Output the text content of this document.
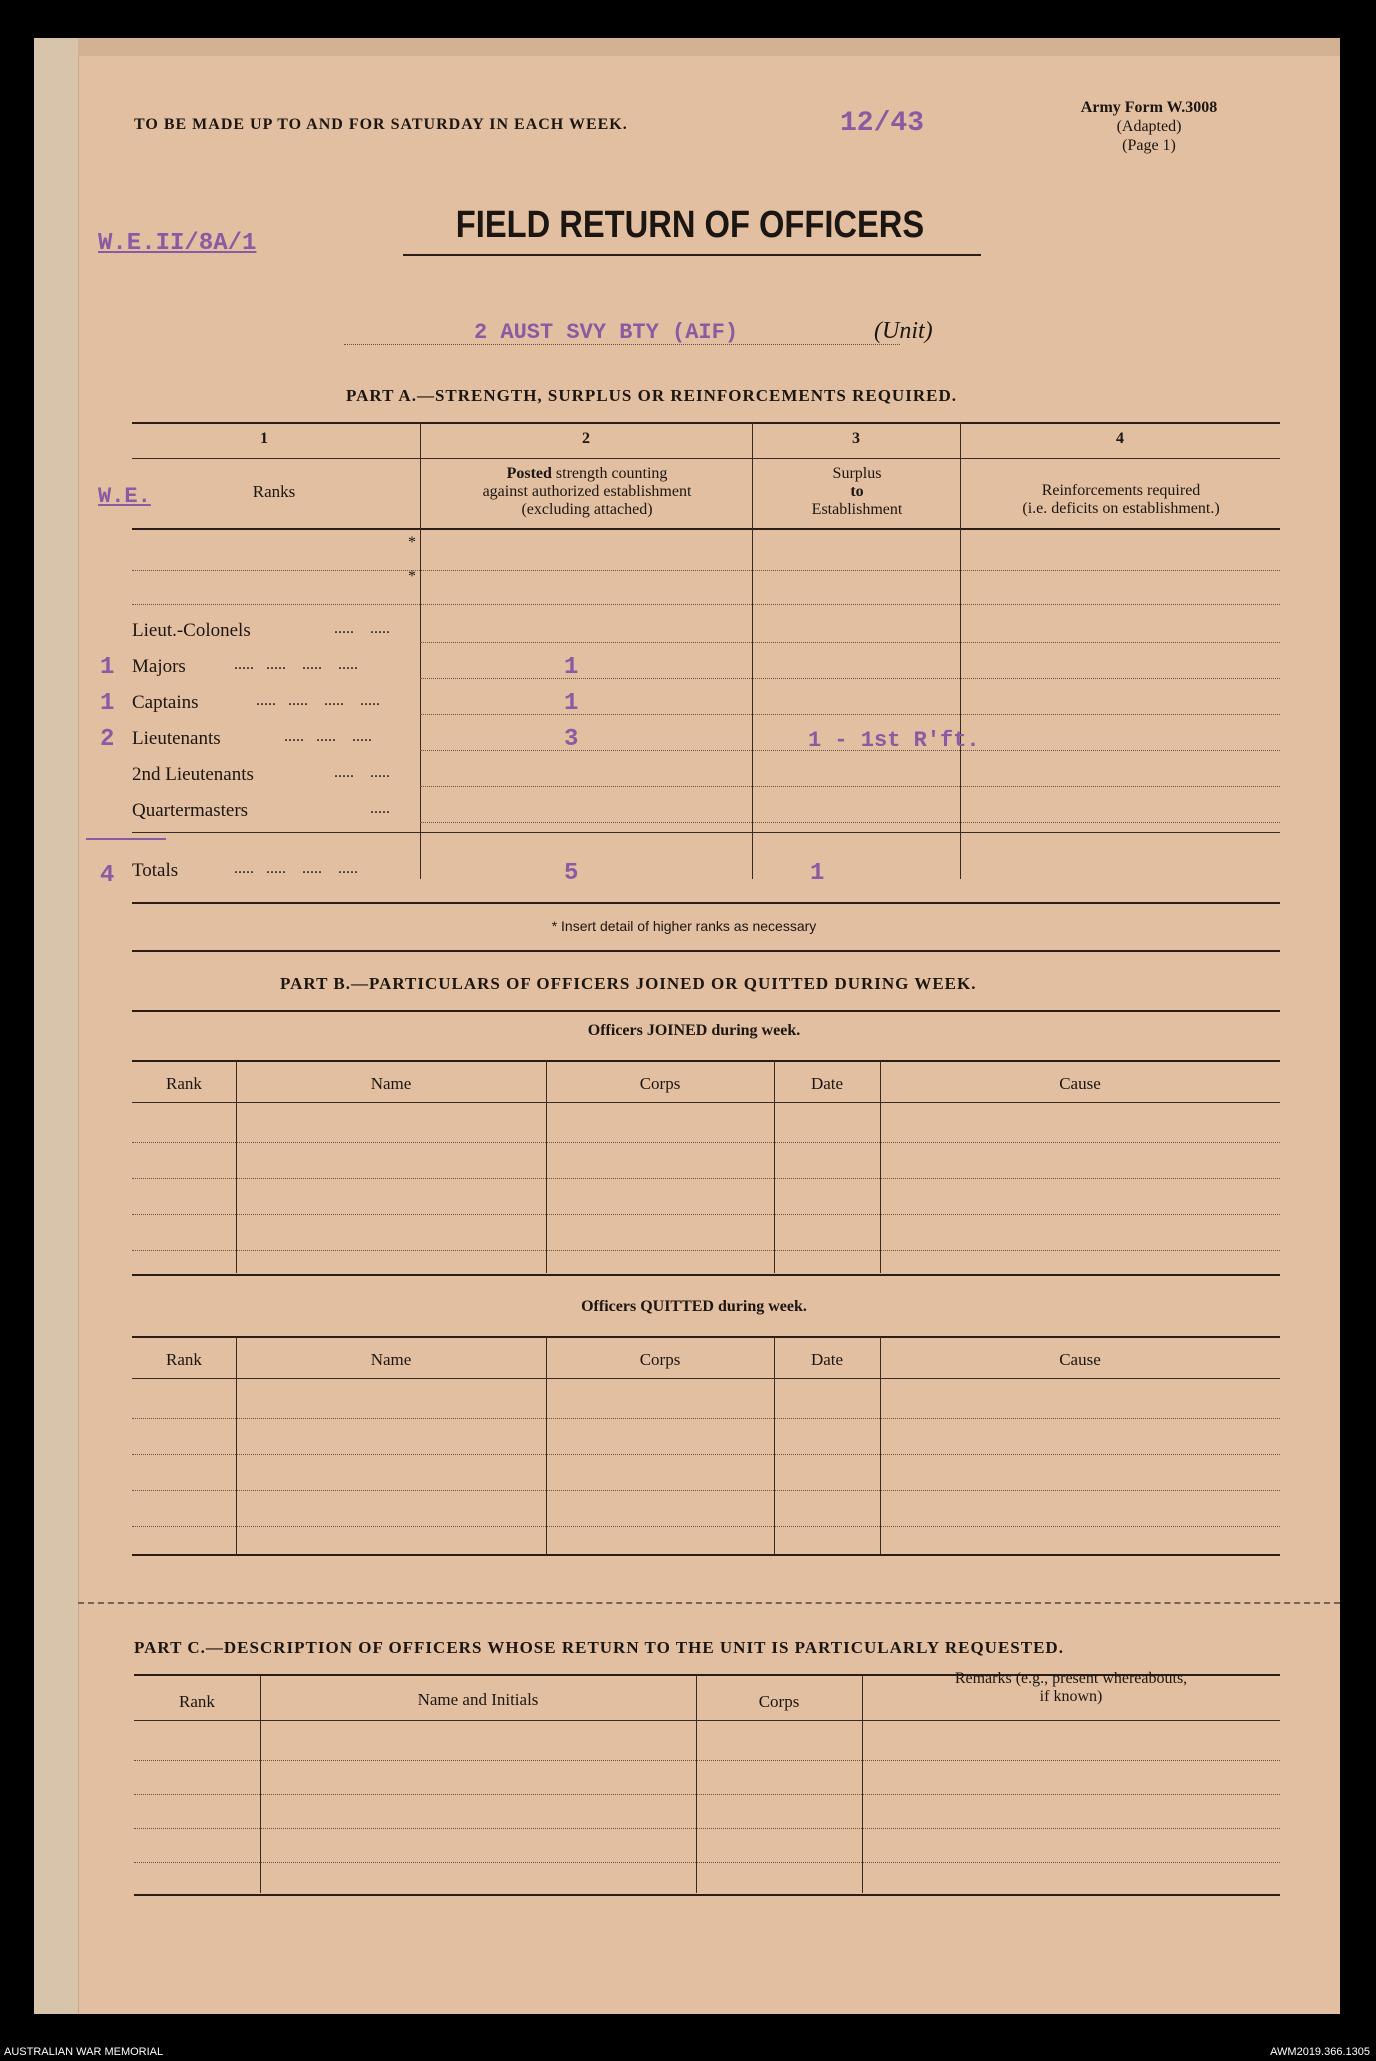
TO BE MADE UP TO AND FOR SATURDAY IN EACH WEEK.	12/43
Army Form W.3008
(Adapted)
(Page 1)
W.E.II/8A/1	FIELD RETURN OF OFFICERS
2 AUST SVY BTY (AIF)	(Unit)
PART A.—STRENGTH, SURPLUS OR REINFORCEMENTS REQUIRED.
1	2	3	4
W.E.	Ranks
Posted strength counting
against authorized establishment
(excluding attached)
Surplus
to
Establishment
Reinforcements required
(i.e. deficits on establishment.)
*
*
Lieut.-Colonels	.....    .....
1 Majors	.....   .....    .....    .....	1
1 Captains	.....   .....    .....    .....	1
2 Lieutenants	.....   .....    .....	3	1 - 1st R'ft.
2nd Lieutenants	.....    .....
Quartermasters	.....
4 Totals	.....   .....    .....    .....	5	1
* Insert detail of higher ranks as necessary
PART B.—PARTICULARS OF OFFICERS JOINED OR QUITTED DURING WEEK.
Officers JOINED during week.
Rank	Name	Corps	Date	Cause
Officers QUITTED during week.
Rank	Name	Corps	Date	Cause
PART C.—DESCRIPTION OF OFFICERS WHOSE RETURN TO THE UNIT IS PARTICULARLY REQUESTED.
Rank	Name and Initials	Corps
Remarks (e.g., present whereabouts,
if known)
AUSTRALIAN WAR MEMORIAL	AWM2019.366.1305
